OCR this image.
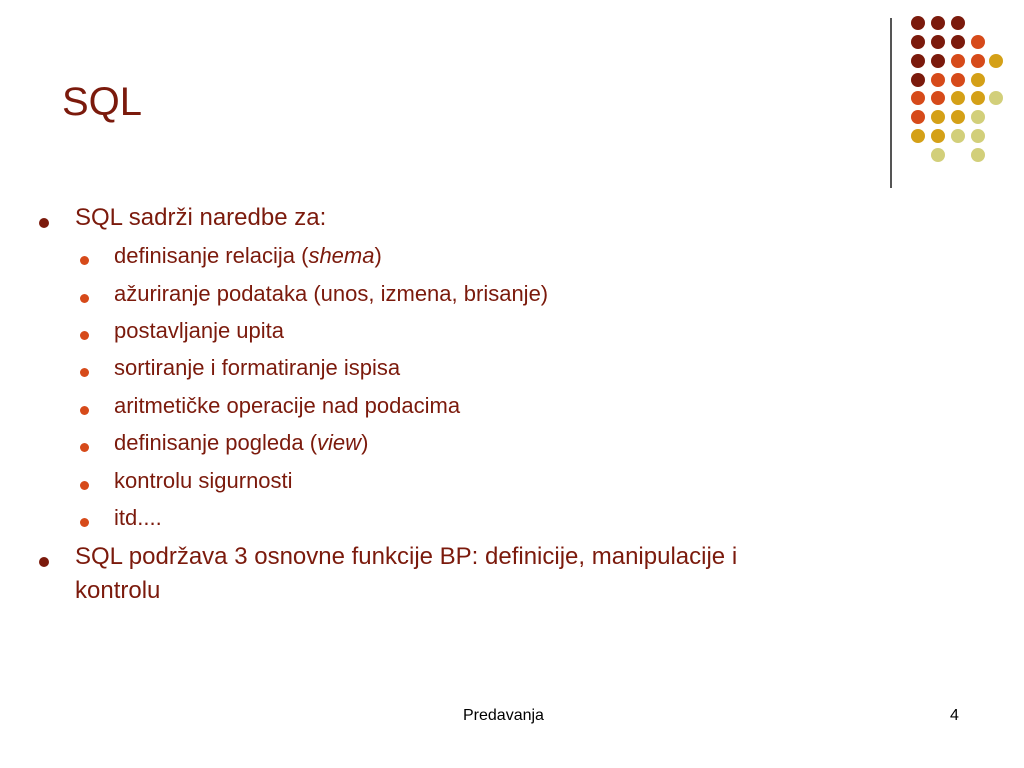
SQL
SQL sadrži naredbe za:
definisanje relacija (shema)
ažuriranje podataka (unos, izmena, brisanje)
postavljanje upita
sortiranje i formatiranje ispisa
aritmetičke operacije nad podacima
definisanje pogleda (view)
kontrolu sigurnosti
itd....
SQL podržava 3 osnovne funkcije BP: definicije, manipulacije i
kontrolu
Predavanja	4
